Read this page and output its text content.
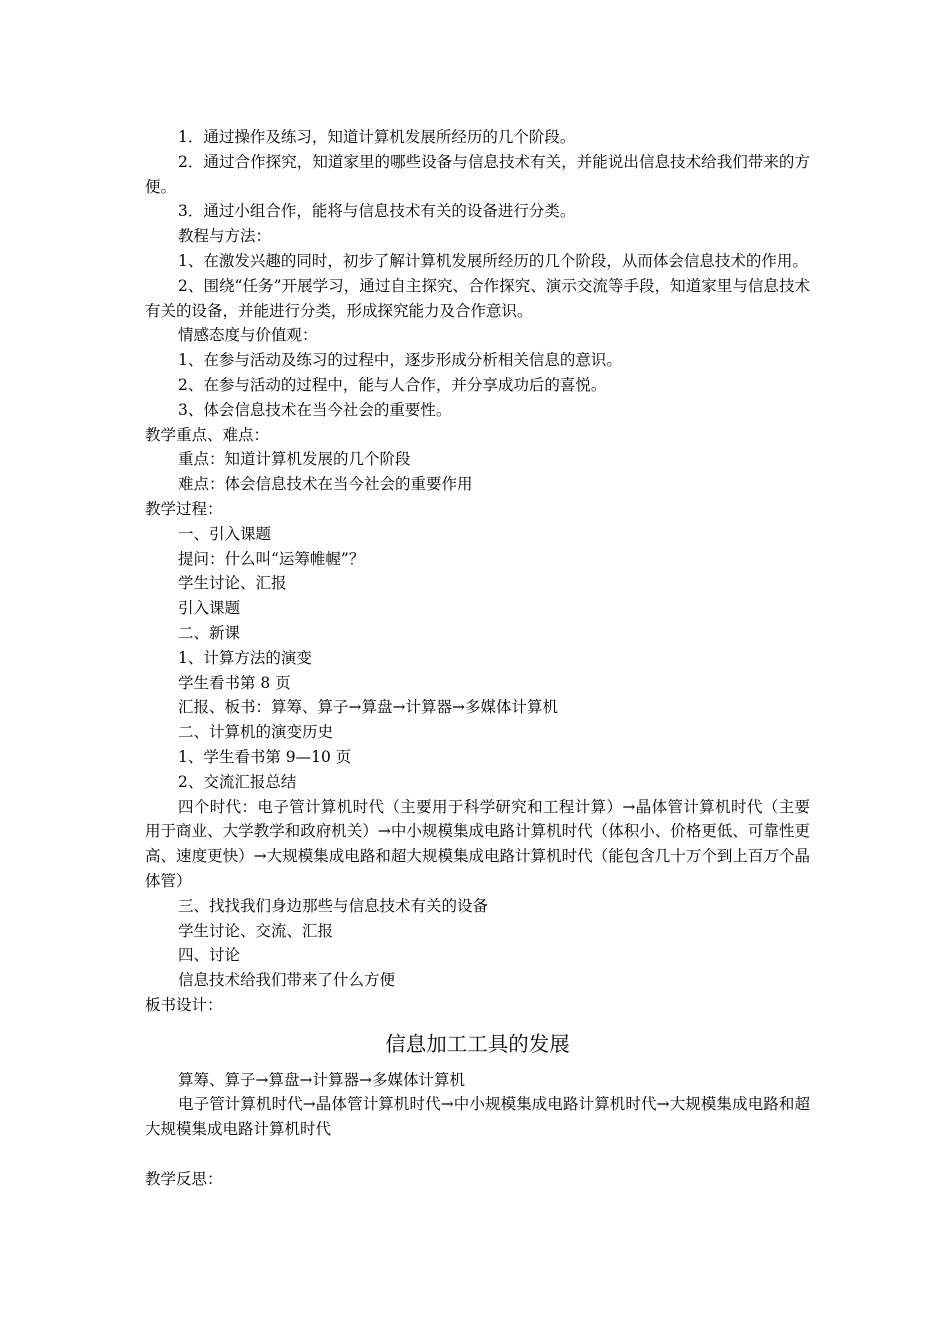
1．通过操作及练习，知道计算机发展所经历的几个阶段。

2．通过合作探究，知道家里的哪些设备与信息技术有关，并能说出信息技术给我们带来的方便。

3．通过小组合作，能将与信息技术有关的设备进行分类。

教程与方法：

1、在激发兴趣的同时，初步了解计算机发展所经历的几个阶段，从而体会信息技术的作用。

2、围绕“任务”开展学习，通过自主探究、合作探究、演示交流等手段，知道家里与信息技术有关的设备，并能进行分类，形成探究能力及合作意识。

情感态度与价值观：

1、在参与活动及练习的过程中，逐步形成分析相关信息的意识。

2、在参与活动的过程中，能与人合作，并分享成功后的喜悦。

3、体会信息技术在当今社会的重要性。

教学重点、难点：

重点：知道计算机发展的几个阶段

难点：体会信息技术在当今社会的重要作用

教学过程：

一、引入课题

提问：什么叫“运筹帷幄”？

学生讨论、汇报

引入课题

二、新课

1、计算方法的演变

学生看书第 8 页

汇报、板书：算筹、算子→算盘→计算器→多媒体计算机

二、计算机的演变历史

1、学生看书第 9—10 页

2、交流汇报总结

四个时代：电子管计算机时代（主要用于科学研究和工程计算）→晶体管计算机时代（主要用于商业、大学教学和政府机关）→中小规模集成电路计算机时代（体积小、价格更低、可靠性更高、速度更快）→大规模集成电路和超大规模集成电路计算机时代（能包含几十万个到上百万个晶体管）

三、找找我们身边那些与信息技术有关的设备

学生讨论、交流、汇报

四、讨论

信息技术给我们带来了什么方便

板书设计：

信息加工工具的发展

算筹、算子→算盘→计算器→多媒体计算机

电子管计算机时代→晶体管计算机时代→中小规模集成电路计算机时代→大规模集成电路和超大规模集成电路计算机时代

教学反思：
